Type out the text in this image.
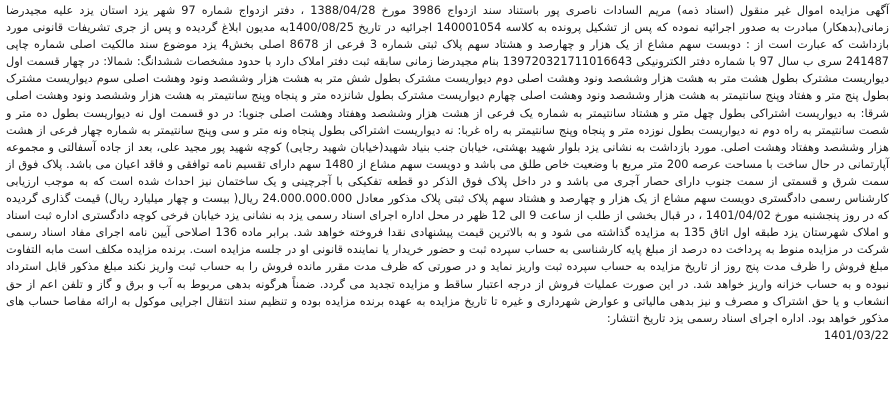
آگهی مزایده اموال غیر منقول (اسناد ذمه) مریم السادات ناصری پور باستناد سند ازدواج 3986 مورخ 1388/04/28 ، دفتر ازدواج شماره 97 شهر یزد استان یزد علیه مجیدرضا زمانی(بدهکار) مبادرت به صدور اجرائیه نموده که پس از تشکیل پرونده به کلاسه 140001054 اجرائیه در تاریخ 1400/08/25به مدیون ابلاغ گردیده و پس از جری تشریفات قانونی مورد بازداشت که عبارت است از : دوبست سهم مشاع از یک هزار و چهارصد و هشتاد سهم پلاک ثبتی شماره 3 فرعی از 8678 اصلی بخش4 یزد موضوع سند مالکیت اصلی شماره چاپی 241487 سری ب سال 97 با شماره دفتر الکترونیکی 139720321711016643 بنام مجیدرضا زمانی سابقه ثبت دفتر املاک دارد با حدود مشخصات ششدانگ: شمالا: در چهار قسمت اول دیواریست مشترک بطول هشت متر به هشت هزار وششصد ونود وهشت اصلی دوم دیواریست مشترک بطول شش متر به هشت هزار وششصد ونود وهشت اصلی سوم دیواریست مشترک بطول پنج متر و هفتاد وپنج سانتیمتر به هشت هزار وششصد ونود وهشت اصلی چهارم دیواریست مشترک بطول شانزده متر و پنجاه وپنج سانتیمتر به هشت هزار وششصد ونود وهشت اصلی شرقا: به دیواریست اشتراکی بطول چهل متر و هشتاد سانتیمتر به شماره یک فرعی از هشت هزار وششصد وهفتاد وهشت اصلی جنوبا: در دو قسمت اول نه دیواریست بطول ده متر و شصت سانتیمتر به راه دوم نه دیواریست بطول نوزده متر و پنجاه وپنج سانتیمتر به راه غربا: نه دیواریست اشتراکی بطول پنجاه ونه متر و سی وپنج سانتیمتر به شماره چهار فرعی از هشت هزار وششصد وهفتاد وهشت اصلی. مورد بازداشت به نشانی یزد بلوار شهید بهشتی، خیابان جنب بنیاد شهید(خیابان شهید رجایی) کوچه شهید پور مجید علی، بعد از جاده آسفالتی و مجموعه آپارتمانی در حال ساخت با مساحت عرصه 200 متر مربع با وضعیت خاص طلق می باشد و دویست سهم مشاع از 1480 سهم دارای تقسیم نامه توافقی و فاقد اعیان می باشد. پلاک فوق از سمت شرق و قسمتی از سمت جنوب دارای حصار آجری می باشد و در داخل پلاک فوق الذکر دو قطعه تفکیکی با آجرچینی و یک ساختمان نیز احداث شده است که به موجب ارزیابی کارشناس رسمی دادگستری دویست سهم مشاع از یک هزار و چهارصد و هشتاد سهم پلاک ثبتی پلاک مذکور معادل 24.000.000.000 ریال( بیست و چهار میلیارد ریال) قیمت گذاری گردیده که در روز پنجشنبه مورخ 1401/04/02 ، در قبال بخشی از طلب از ساعت 9 الی 12 ظهر در محل اداره اجرای اسناد رسمی یزد به نشانی یزد خیابان فرخی کوچه دادگستری اداره ثبت اسناد و املاک شهرستان یزد طبقه اول اتاق 135 به مزایده گذاشته می شود و به بالاترین قیمت پیشنهادی نقدا فروخته خواهد شد. برابر ماده 136 اصلاحی آیین نامه اجرای مفاد اسناد رسمی شرکت در مزایده منوط به پرداخت ده درصد از مبلغ پایه کارشناسی به حساب سپرده ثبت و حضور خریدار یا نماینده قانونی او در جلسه مزایده است. برنده مزایده مکلف است مابه التفاوت مبلغ فروش را ظرف مدت پنج روز از تاریخ مزایده به حساب سپرده ثبت واریز نماید و در صورتی که ظرف مدت مقرر مانده فروش را به حساب ثبت واریز نکند مبلغ مذکور قابل استرداد نبوده و به حساب خزانه واریز خواهد شد. در این صورت عملیات فروش از درجه اعتبار ساقط و مزایده تجدید می گردد. ضمناً هرگونه بدهی مربوط به آب و برق و گاز و تلفن اعم از حق انشعاب و یا حق اشتراک و مصرف و نیز بدهی مالیاتی و عوارض شهرداری و غیره تا تاریخ مزایده به عهده برنده مزایده بوده و تنظیم سند انتقال اجرایی موکول به ارائه مفاصا حساب های مذکور خواهد بود. اداره اجرای اسناد رسمی یزد تاریخ انتشار:

1401/03/22
